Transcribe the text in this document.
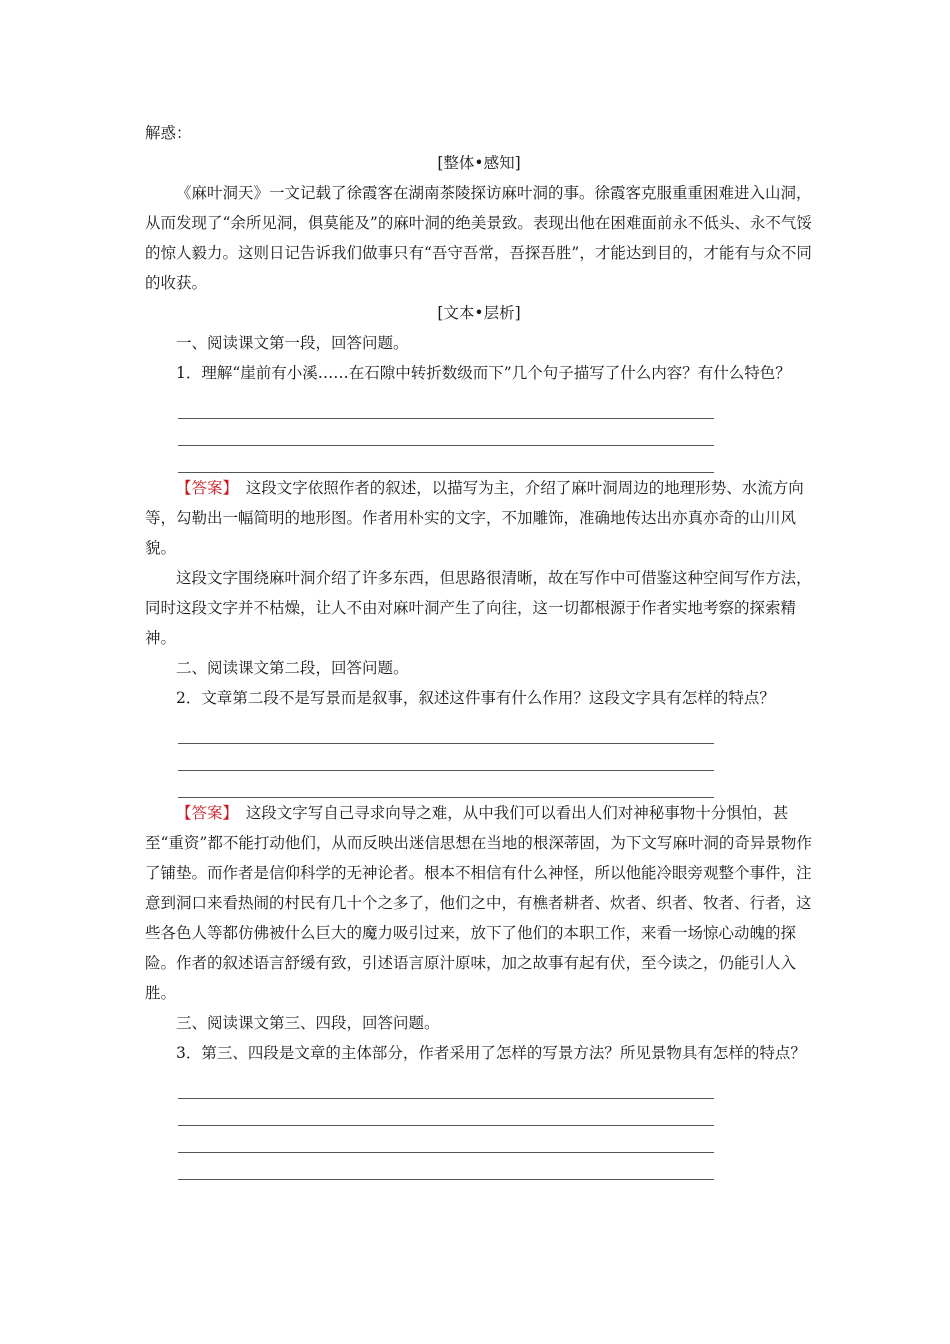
解惑：

[整体•感知]

《麻叶洞天》一文记载了徐霞客在湖南茶陵探访麻叶洞的事。徐霞客克服重重困难进入山洞，从而发现了“余所见洞，俱莫能及”的麻叶洞的绝美景致。表现出他在困难面前永不低头、永不气馁的惊人毅力。这则日记告诉我们做事只有“吾守吾常，吾探吾胜”，才能达到目的，才能有与众不同的收获。

[文本•层析]

一、阅读课文第一段，回答问题。

1．理解“崖前有小溪……在石隙中转折数级而下”几个句子描写了什么内容？有什么特色？

【答案】　这段文字依照作者的叙述，以描写为主，介绍了麻叶洞周边的地理形势、水流方向等，勾勒出一幅简明的地形图。作者用朴实的文字，不加雕饰，准确地传达出亦真亦奇的山川风貌。

这段文字围绕麻叶洞介绍了许多东西，但思路很清晰，故在写作中可借鉴这种空间写作方法，同时这段文字并不枯燥，让人不由对麻叶洞产生了向往，这一切都根源于作者实地考察的探索精神。

二、阅读课文第二段，回答问题。

2．文章第二段不是写景而是叙事，叙述这件事有什么作用？这段文字具有怎样的特点？

【答案】　这段文字写自己寻求向导之难，从中我们可以看出人们对神秘事物十分惧怕，甚至“重资”都不能打动他们，从而反映出迷信思想在当地的根深蒂固，为下文写麻叶洞的奇异景物作了铺垫。而作者是信仰科学的无神论者。根本不相信有什么神怪，所以他能冷眼旁观整个事件，注意到洞口来看热闹的村民有几十个之多了，他们之中，有樵者耕者、炊者、织者、牧者、行者，这些各色人等都仿佛被什么巨大的魔力吸引过来，放下了他们的本职工作，来看一场惊心动魄的探险。作者的叙述语言舒缓有致，引述语言原汁原味，加之故事有起有伏，至今读之，仍能引人入胜。

三、阅读课文第三、四段，回答问题。

3．第三、四段是文章的主体部分，作者采用了怎样的写景方法？所见景物具有怎样的特点？
